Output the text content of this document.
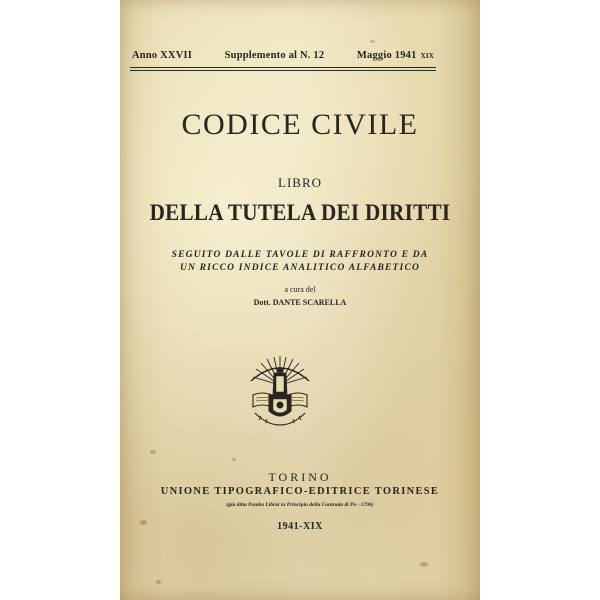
Anno XXVII	Supplemento al N. 12	Maggio 1941 XIX
CODICE CIVILE
LIBRO
DELLA TUTELA DEI DIRITTI
SEGUITO DALLE TAVOLE DI RAFFRONTO E DA
UN RICCO INDICE ANALITICO ALFABETICO
a cura del
Dott. DANTE SCARELLA
TORINO
UNIONE TIPOGRAFICO-EDITRICE TORINESE
(già ditta Pomba Librai in Principio della Contrada di Po - 1796)
1941-XIX
